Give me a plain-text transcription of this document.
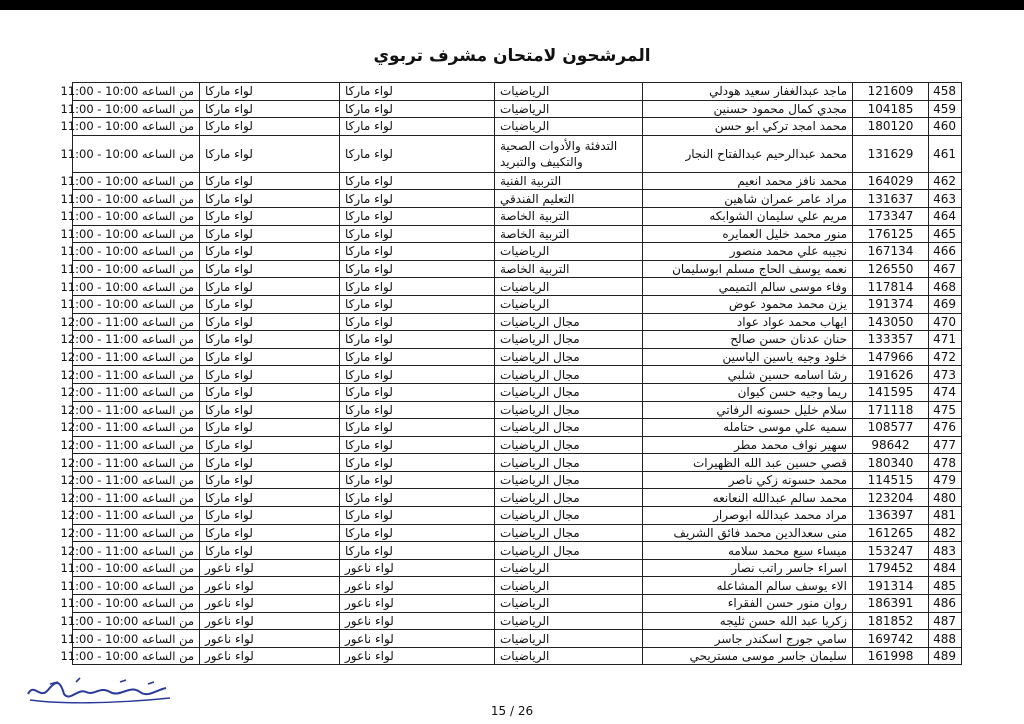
المرشحون لامتحان مشرف تربوي
458	121609	ماجد عبدالغفار سعيد هودلي	الرياضيات	لواء ماركا	لواء ماركا	من الساعه 10:00 - 11:00
459	104185	مجدي كمال محمود حسنين	الرياضيات	لواء ماركا	لواء ماركا	من الساعه 10:00 - 11:00
460	180120	محمد امجد تركي ابو حسن	الرياضيات	لواء ماركا	لواء ماركا	من الساعه 10:00 - 11:00
461	131629	محمد عبدالرحيم عبدالفتاح النجار	التدفئة والأدوات الصحية والتكييف والتبريد	لواء ماركا	لواء ماركا	من الساعه 10:00 - 11:00
462	164029	محمد نافز محمد انعيم	التربية الفنية	لواء ماركا	لواء ماركا	من الساعه 10:00 - 11:00
463	131637	مراد عامر عمران شاهين	التعليم الفندقي	لواء ماركا	لواء ماركا	من الساعه 10:00 - 11:00
464	173347	مريم علي سليمان الشوابكه	التربية الخاصة	لواء ماركا	لواء ماركا	من الساعه 10:00 - 11:00
465	176125	منور محمد خليل العمايره	التربية الخاصة	لواء ماركا	لواء ماركا	من الساعه 10:00 - 11:00
466	167134	نجيبه علي محمد منصور	الرياضيات	لواء ماركا	لواء ماركا	من الساعه 10:00 - 11:00
467	126550	نعمه يوسف الحاج مسلم ابوسليمان	التربية الخاصة	لواء ماركا	لواء ماركا	من الساعه 10:00 - 11:00
468	117814	وفاء موسى سالم التميمي	الرياضيات	لواء ماركا	لواء ماركا	من الساعه 10:00 - 11:00
469	191374	يزن محمد محمود عوض	الرياضيات	لواء ماركا	لواء ماركا	من الساعه 10:00 - 11:00
470	143050	ايهاب محمد عواد عواد	مجال الرياضيات	لواء ماركا	لواء ماركا	من الساعه 11:00 - 12:00
471	133357	حنان عدنان حسن صالح	مجال الرياضيات	لواء ماركا	لواء ماركا	من الساعه 11:00 - 12:00
472	147966	خلود وجيه ياسين الياسين	مجال الرياضيات	لواء ماركا	لواء ماركا	من الساعه 11:00 - 12:00
473	191626	رشا اسامه حسين شلبي	مجال الرياضيات	لواء ماركا	لواء ماركا	من الساعه 11:00 - 12:00
474	141595	ريما وجيه حسن كيوان	مجال الرياضيات	لواء ماركا	لواء ماركا	من الساعه 11:00 - 12:00
475	171118	سلام خليل حسونه الرفاتي	مجال الرياضيات	لواء ماركا	لواء ماركا	من الساعه 11:00 - 12:00
476	108577	سميه علي موسى حتامله	مجال الرياضيات	لواء ماركا	لواء ماركا	من الساعه 11:00 - 12:00
477	98642	سهير نواف محمد مطر	مجال الرياضيات	لواء ماركا	لواء ماركا	من الساعه 11:00 - 12:00
478	180340	قصي حسين عبد الله الظهيرات	مجال الرياضيات	لواء ماركا	لواء ماركا	من الساعه 11:00 - 12:00
479	114515	محمد حسونه زكي ناصر	مجال الرياضيات	لواء ماركا	لواء ماركا	من الساعه 11:00 - 12:00
480	123204	محمد سالم عبدالله النعانعه	مجال الرياضيات	لواء ماركا	لواء ماركا	من الساعه 11:00 - 12:00
481	136397	مراد محمد عبدالله ابوصرار	مجال الرياضيات	لواء ماركا	لواء ماركا	من الساعه 11:00 - 12:00
482	161265	منى سعدالدين محمد فائق الشريف	مجال الرياضيات	لواء ماركا	لواء ماركا	من الساعه 11:00 - 12:00
483	153247	ميساء سيع محمد سلامه	مجال الرياضيات	لواء ماركا	لواء ماركا	من الساعه 11:00 - 12:00
484	179452	اسراء جاسر راتب نصار	الرياضيات	لواء ناعور	لواء ناعور	من الساعه 10:00 - 11:00
485	191314	الاء يوسف سالم المشاعله	الرياضيات	لواء ناعور	لواء ناعور	من الساعه 10:00 - 11:00
486	186391	روان منور حسن الفقراء	الرياضيات	لواء ناعور	لواء ناعور	من الساعه 10:00 - 11:00
487	181852	زكريا عبد الله حسن ثليجه	الرياضيات	لواء ناعور	لواء ناعور	من الساعه 10:00 - 11:00
488	169742	سامي جورج اسكندر جاسر	الرياضيات	لواء ناعور	لواء ناعور	من الساعه 10:00 - 11:00
489	161998	سليمان جاسر موسى مستريحي	الرياضيات	لواء ناعور	لواء ناعور	من الساعه 10:00 - 11:00
15 / 26
